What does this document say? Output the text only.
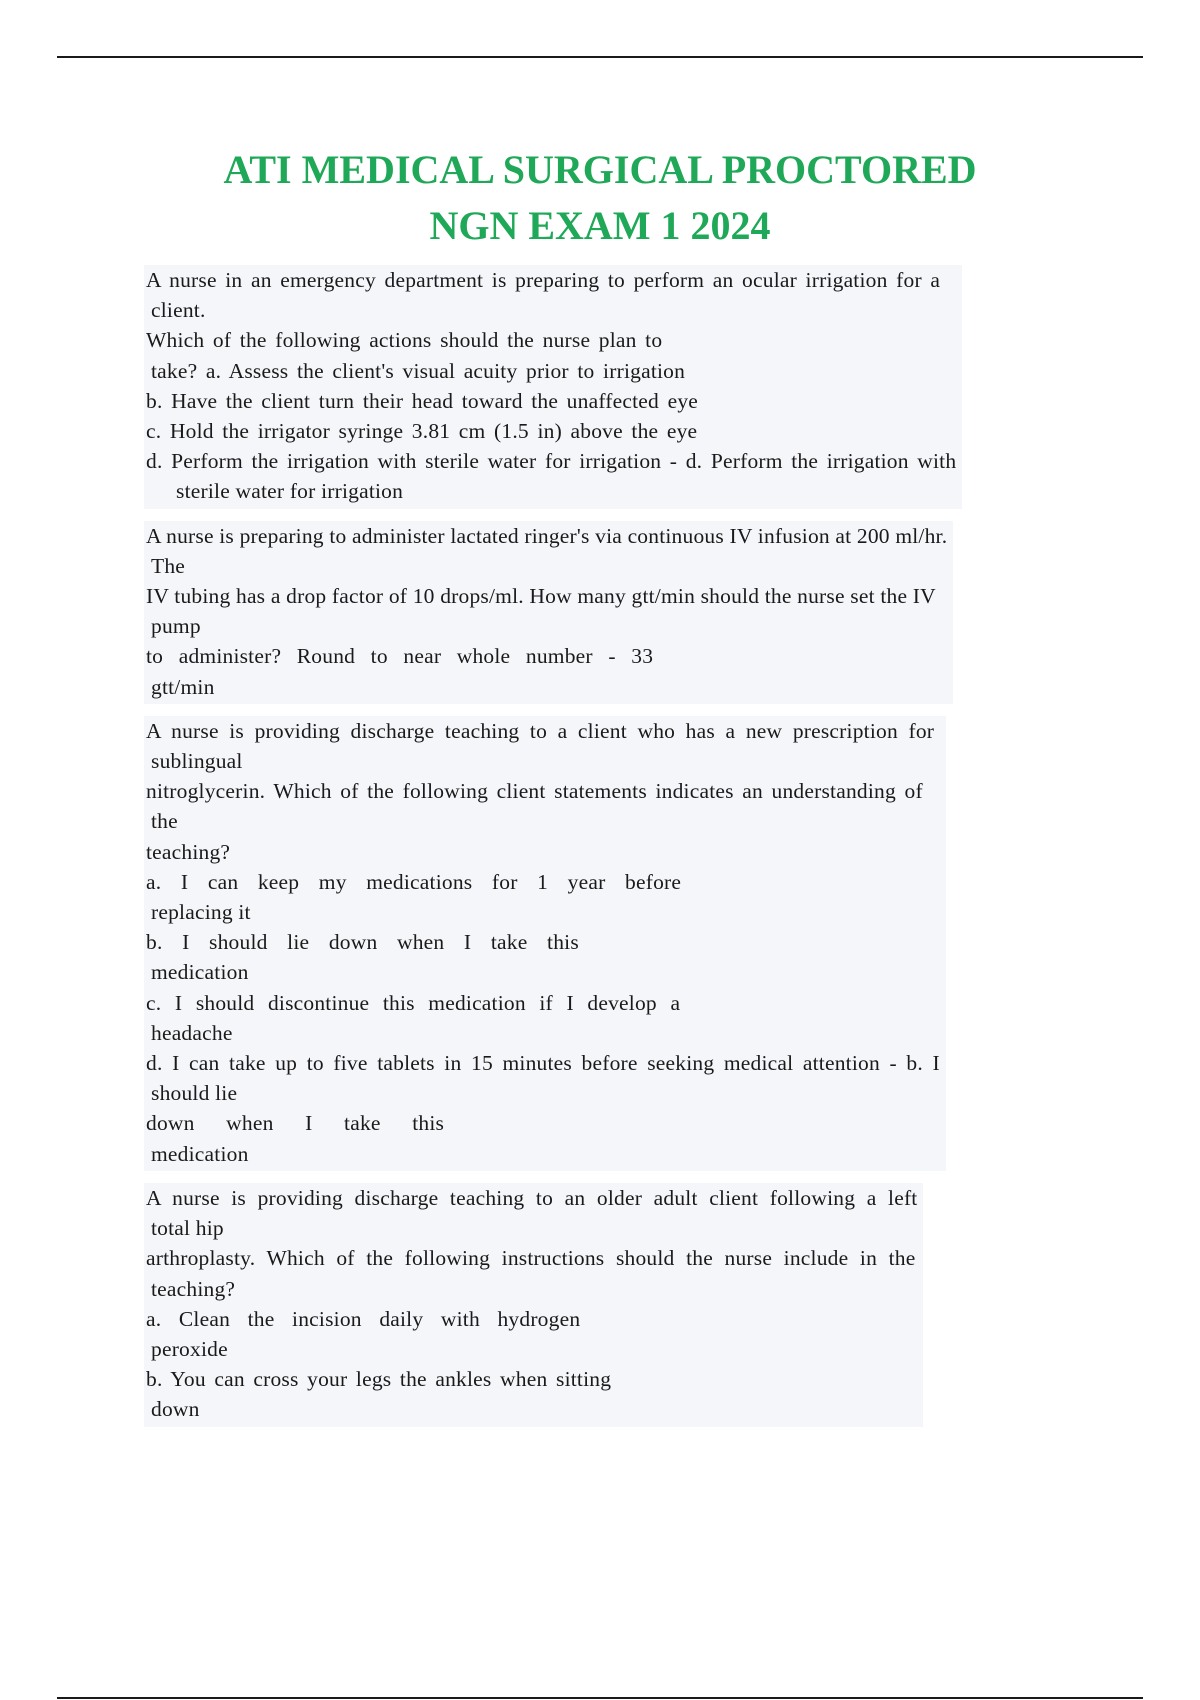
ATI MEDICAL SURGICAL PROCTORED
NGN EXAM 1 2024
A nurse in an emergency department is preparing to perform an ocular irrigation for a
client.
Which of the following actions should the nurse plan to
take? a. Assess the client's visual acuity prior to irrigation
b. Have the client turn their head toward the unaffected eye
c. Hold the irrigator syringe 3.81 cm (1.5 in) above the eye
d. Perform the irrigation with sterile water for irrigation - d. Perform the irrigation with
sterile water for irrigation
A nurse is preparing to administer lactated ringer's via continuous IV infusion at 200 ml/hr.
The
IV tubing has a drop factor of 10 drops/ml. How many gtt/min should the nurse set the IV
pump
to administer? Round to near whole number - 33
gtt/min
A nurse is providing discharge teaching to a client who has a new prescription for
sublingual
nitroglycerin. Which of the following client statements indicates an understanding of
the
teaching?
a. I can keep my medications for 1 year before
replacing it
b. I should lie down when I take this
medication
c. I should discontinue this medication if I develop a
headache
d. I can take up to five tablets in 15 minutes before seeking medical attention - b. I
should lie
down when I take this
medication
A nurse is providing discharge teaching to an older adult client following a left
total hip
arthroplasty. Which of the following instructions should the nurse include in the
teaching?
a. Clean the incision daily with hydrogen
peroxide
b. You can cross your legs the ankles when sitting
down
